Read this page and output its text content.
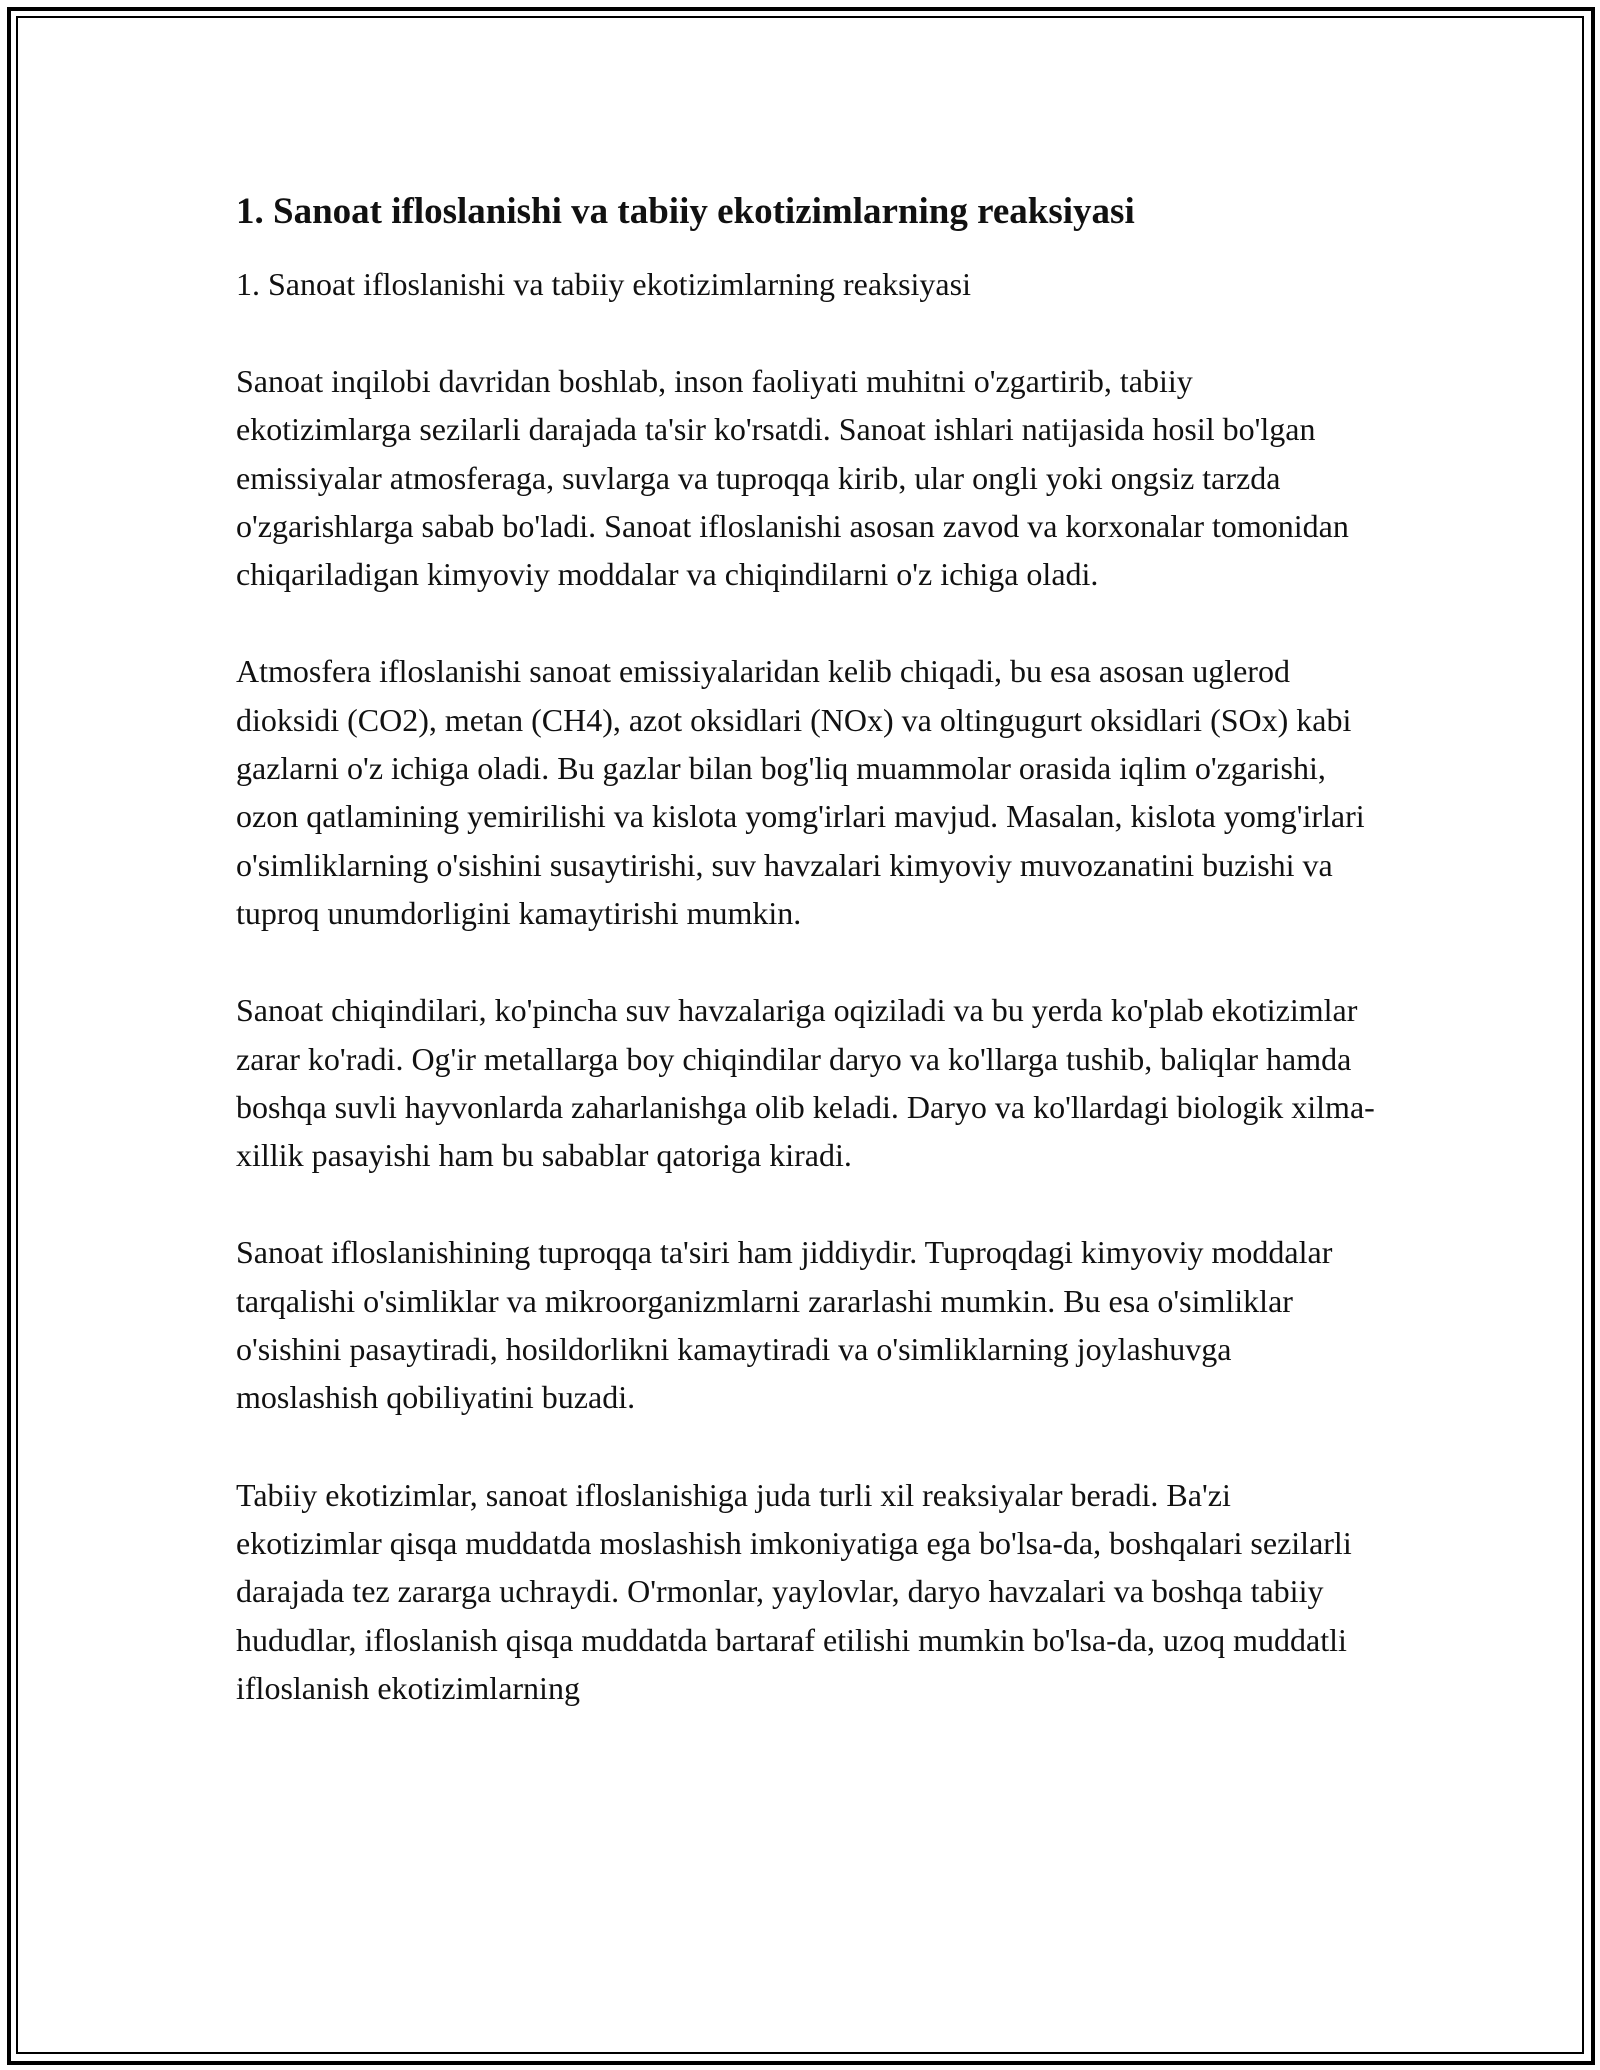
1. Sanoat ifloslanishi va tabiiy ekotizimlarning reaksiyasi

1. Sanoat ifloslanishi va tabiiy ekotizimlarning reaksiyasi

Sanoat inqilobi davridan boshlab, inson faoliyati muhitni o'zgartirib, tabiiy ekotizimlarga sezilarli darajada ta'sir ko'rsatdi. Sanoat ishlari natijasida hosil bo'lgan emissiyalar atmosferaga, suvlarga va tuproqqa kirib, ular ongli yoki ongsiz tarzda o'zgarishlarga sabab bo'ladi. Sanoat ifloslanishi asosan zavod va korxonalar tomonidan chiqariladigan kimyoviy moddalar va chiqindilarni o'z ichiga oladi.

Atmosfera ifloslanishi sanoat emissiyalaridan kelib chiqadi, bu esa asosan uglerod dioksidi (CO2), metan (CH4), azot oksidlari (NOx) va oltingugurt oksidlari (SOx) kabi gazlarni o'z ichiga oladi. Bu gazlar bilan bog'liq muammolar orasida iqlim o'zgarishi, ozon qatlamining yemirilishi va kislota yomg'irlari mavjud. Masalan, kislota yomg'irlari o'simliklarning o'sishini susaytirishi, suv havzalari kimyoviy muvozanatini buzishi va tuproq unumdorligini kamaytirishi mumkin.

Sanoat chiqindilari, ko'pincha suv havzalariga oqiziladi va bu yerda ko'plab ekotizimlar zarar ko'radi. Og'ir metallarga boy chiqindilar daryo va ko'llarga tushib, baliqlar hamda boshqa suvli hayvonlarda zaharlanishga olib keladi. Daryo va ko'llardagi biologik xilma-xillik pasayishi ham bu sabablar qatoriga kiradi.

Sanoat ifloslanishining tuproqqa ta'siri ham jiddiydir. Tuproqdagi kimyoviy moddalar tarqalishi o'simliklar va mikroorganizmlarni zararlashi mumkin. Bu esa o'simliklar o'sishini pasaytiradi, hosildorlikni kamaytiradi va o'simliklarning joylashuvga moslashish qobiliyatini buzadi.

Tabiiy ekotizimlar, sanoat ifloslanishiga juda turli xil reaksiyalar beradi. Ba'zi ekotizimlar qisqa muddatda moslashish imkoniyatiga ega bo'lsa-da, boshqalari sezilarli darajada tez zararga uchraydi. O'rmonlar, yaylovlar, daryo havzalari va boshqa tabiiy hududlar, ifloslanish qisqa muddatda bartaraf etilishi mumkin bo'lsa-da, uzoq muddatli ifloslanish ekotizimlarning
